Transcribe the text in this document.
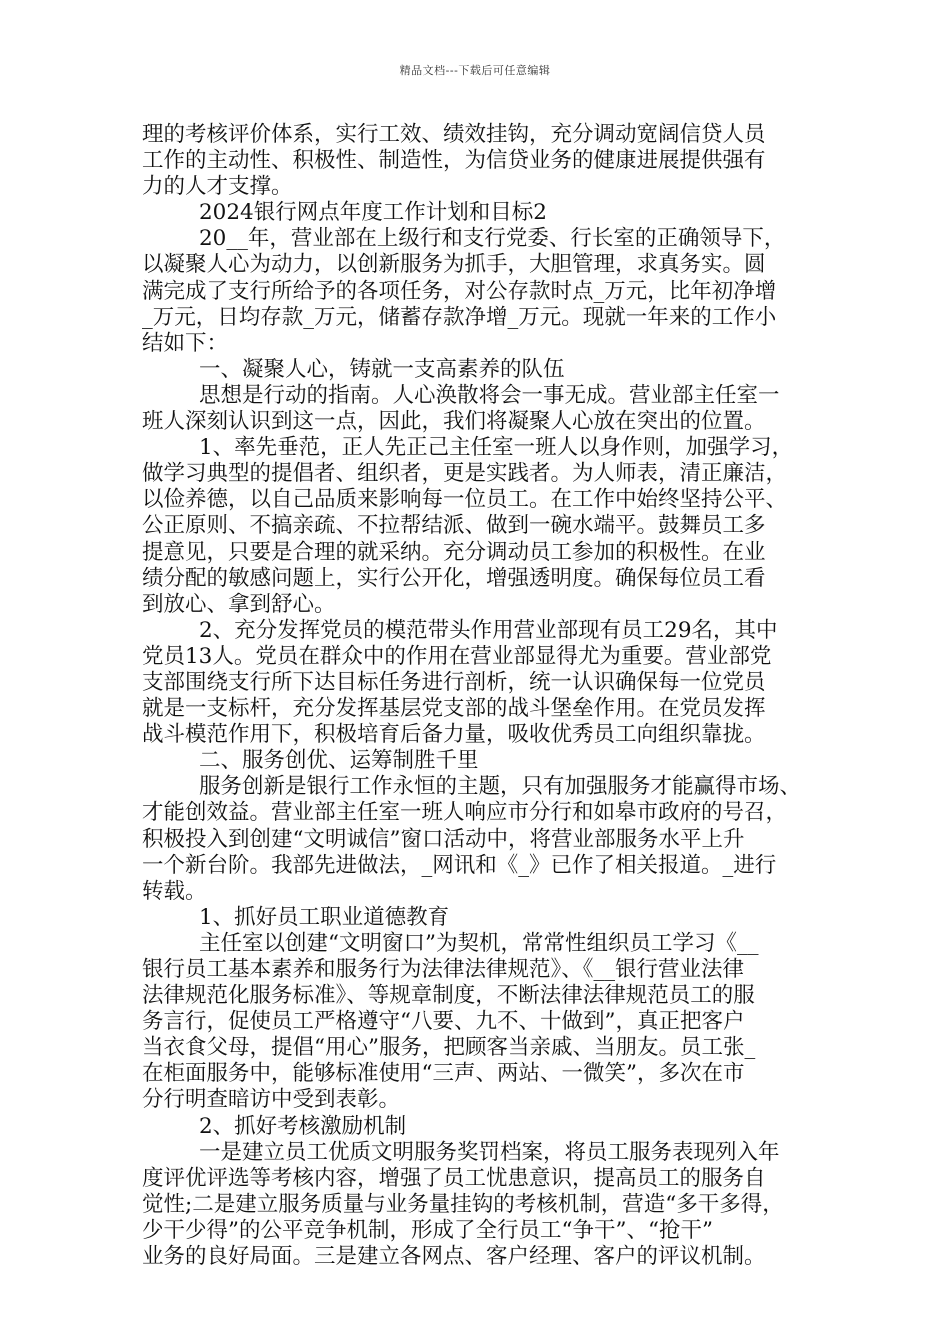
精品文档---下载后可任意编辑
理的考核评价体系，实行工效、绩效挂钩，充分调动宽阔信贷人员
工作的主动性、积极性、制造性，为信贷业务的健康进展提供强有
力的人才支撑。
2024银行网点年度工作计划和目标2
20__年，营业部在上级行和支行党委、行长室的正确领导下，
以凝聚人心为动力，以创新服务为抓手，大胆管理，求真务实。圆
满完成了支行所给予的各项任务，对公存款时点_万元，比年初净增
_万元，日均存款_万元，储蓄存款净增_万元。现就一年来的工作小
结如下：
一、凝聚人心，铸就一支高素养的队伍
思想是行动的指南。人心涣散将会一事无成。营业部主任室一
班人深刻认识到这一点，因此，我们将凝聚人心放在突出的位置。
1、率先垂范，正人先正己主任室一班人以身作则，加强学习，
做学习典型的提倡者、组织者，更是实践者。为人师表，清正廉洁，
以俭养德，以自己品质来影响每一位员工。在工作中始终坚持公平、
公正原则、不搞亲疏、不拉帮结派、做到一碗水端平。鼓舞员工多
提意见，只要是合理的就采纳。充分调动员工参加的积极性。在业
绩分配的敏感问题上，实行公开化，增强透明度。确保每位员工看
到放心、拿到舒心。
2、充分发挥党员的模范带头作用营业部现有员工29名，其中
党员13人。党员在群众中的作用在营业部显得尤为重要。营业部党
支部围绕支行所下达目标任务进行剖析，统一认识确保每一位党员
就是一支标杆，充分发挥基层党支部的战斗堡垒作用。在党员发挥
战斗模范作用下，积极培育后备力量，吸收优秀员工向组织靠拢。
二、服务创优、运筹制胜千里
服务创新是银行工作永恒的主题，只有加强服务才能赢得市场、
才能创效益。营业部主任室一班人响应市分行和如皋市政府的号召，
积极投入到创建“文明诚信”窗口活动中，将营业部服务水平上升
一个新台阶。我部先进做法，_网讯和《_》已作了相关报道。_进行
转载。
1、抓好员工职业道德教育
主任室以创建“文明窗口”为契机，常常性组织员工学习《__
银行员工基本素养和服务行为法律法律规范》、《__银行营业法律
法律规范化服务标准》、等规章制度，不断法律法律规范员工的服
务言行，促使员工严格遵守“八要、九不、十做到”，真正把客户
当衣食父母，提倡“用心”服务，把顾客当亲戚、当朋友。员工张_
在柜面服务中，能够标准使用“三声、两站、一微笑”，多次在市
分行明查暗访中受到表彰。
2、抓好考核激励机制
一是建立员工优质文明服务奖罚档案，将员工服务表现列入年
度评优评选等考核内容，增强了员工忧患意识，提高员工的服务自
觉性;二是建立服务质量与业务量挂钩的考核机制，营造“多干多得，
少干少得”的公平竞争机制，形成了全行员工“争干”、“抢干”
业务的良好局面。三是建立各网点、客户经理、客户的评议机制。
